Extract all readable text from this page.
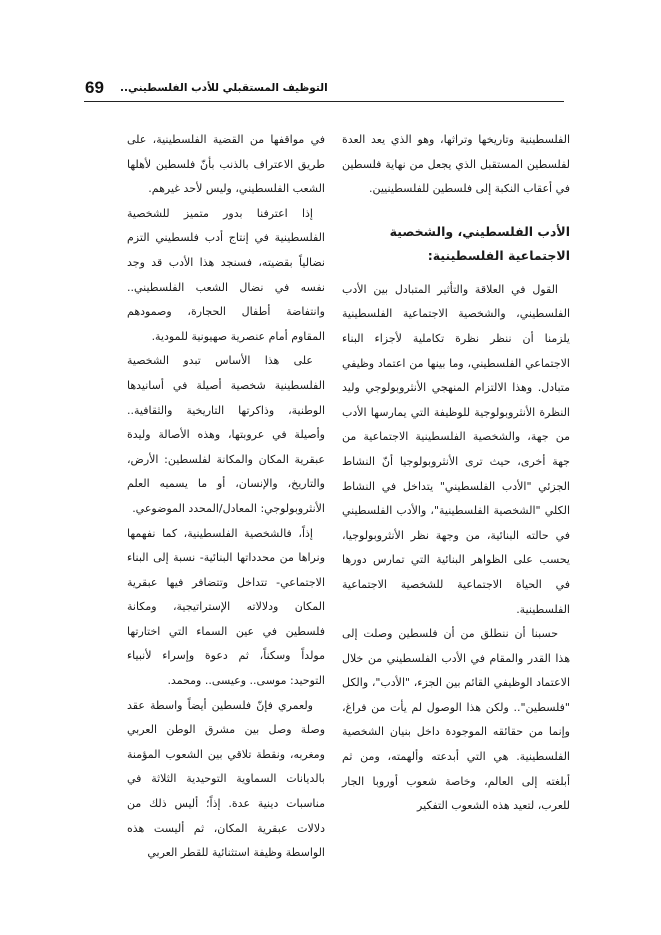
69 التوظيف المستقبلي للأدب الفلسطيني..

الفلسطينية وتاريخها وتراثها، وهو الذي يعد العدة لفلسطين المستقبل الذي يجعل من نهاية فلسطين في أعقاب النكبة إلى فلسطين للفلسطينيين.

الأدب الفلسطيني، والشخصية الاجتماعية الفلسطينية:

القول في العلاقة والتأثير المتبادل بين الأدب الفلسطيني، والشخصية الاجتماعية الفلسطينية يلزمنا أن ننظر نظرة تكاملية لأجزاء البناء الاجتماعي الفلسطيني، وما بينها من اعتماد وظيفي متبادل. وهذا الالتزام المنهجي الأنثروبولوجي وليد النظرة الأنثروبولوجية للوظيفة التي يمارسها الأدب من جهة، والشخصية الفلسطينية الاجتماعية من جهة أخرى، حيث ترى الأنثروبولوجيا أنّ النشاط الجزئي "الأدب الفلسطيني" يتداخل في النشاط الكلي "الشخصية الفلسطينية"، والأدب الفلسطيني في حالته البنائية، من وجهة نظر الأنثروبولوجيا، يحسب على الظواهر البنائية التي تمارس دورها في الحياة الاجتماعية للشخصية الاجتماعية الفلسطينية.

حسبنا أن ننطلق من أن فلسطين وصلت إلى هذا القدر والمقام في الأدب الفلسطيني من خلال الاعتماد الوظيفي القائم بين الجزء، "الأدب"، والكل "فلسطين".. ولكن هذا الوصول لم يأت من فراغ، وإنما من حقائقه الموجودة داخل بنيان الشخصية الفلسطينية. هي التي أبدعته وألهمته، ومن ثم أبلغته إلى العالم، وخاصة شعوب أوروبا الجار للعرب، لتعيد هذه الشعوب التفكير

في مواقفها من القضية الفلسطينية، على طريق الاعتراف بالذنب بأنّ فلسطين لأهلها الشعب الفلسطيني، وليس لأحد غيرهم.

إذا اعترفنا بدور متميز للشخصية الفلسطينية في إنتاج أدب فلسطيني التزم نضالياً بقضيته، فسنجد هذا الأدب قد وجد نفسه في نضال الشعب الفلسطيني.. وانتفاضة أطفال الحجارة، وصمودهم المقاوم أمام عنصرية صهيونية للمودية.

على هذا الأساس تبدو الشخصية الفلسطينية شخصية أصيلة في أسانيدها الوطنية، وذاكرتها التاريخية والثقافية.. وأصيلة في عروبتها، وهذه الأصالة وليدة عبقرية المكان والمكانة لفلسطين: الأرض، والتاريخ، والإنسان، أو ما يسميه العلم الأنثروبولوجي: المعادل/المحدد الموضوعي.

إذاً، فالشخصية الفلسطينية، كما نفهمها ونراها من محدداتها البنائية- نسبة إلى البناء الاجتماعي- تتداخل وتتضافر فيها عبقرية المكان ودلالاته الإستراتيجية، ومكانة فلسطين في عين السماء التي اختارتها مولداً وسكناً، ثم دعوة وإسراء لأنبياء التوحيد: موسى.. وعيسى.. ومحمد.

ولعمري فإنّ فلسطين أيضاً واسطة عقد وصلة وصل بين مشرق الوطن العربي ومغربه، ونقطة تلاقي بين الشعوب المؤمنة بالديانات السماوية التوحيدية الثلاثة في مناسبات دينية عدة. إذاً؛ أليس ذلك من دلالات عبقرية المكان، ثم أليست هذه الواسطة وظيفة استثنائية للقطر العربي
